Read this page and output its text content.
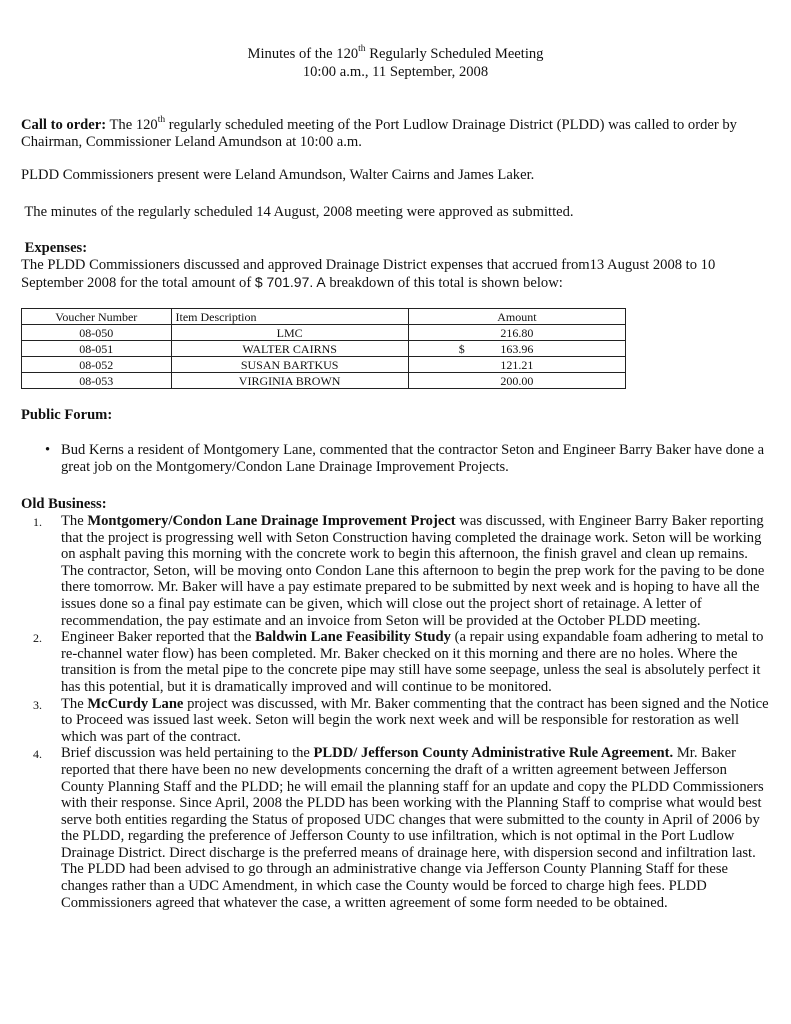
Minutes of the 120th Regularly Scheduled Meeting
10:00 a.m., 11 September, 2008
Call to order: The 120th regularly scheduled meeting of the Port Ludlow Drainage District (PLDD) was called to order by Chairman, Commissioner Leland Amundson at 10:00 a.m.
PLDD Commissioners present were Leland Amundson, Walter Cairns and James Laker.
The minutes of the regularly scheduled 14 August, 2008 meeting were approved as submitted.
Expenses:
The PLDD Commissioners discussed and approved Drainage District expenses that accrued from13 August 2008 to 10 September 2008 for the total amount of $ 701.97. A breakdown of this total is shown below:
Voucher Number	Item Description	Amount
08-050	LMC	216.80
08-051	WALTER CAIRNS	$ 163.96
08-052	SUSAN BARTKUS	121.21
08-053	VIRGINIA BROWN	200.00
Public Forum:
• Bud Kerns a resident of Montgomery Lane, commented that the contractor Seton and Engineer Barry Baker have done a great job on the Montgomery/Condon Lane Drainage Improvement Projects.
Old Business:
1. The Montgomery/Condon Lane Drainage Improvement Project was discussed, with Engineer Barry Baker reporting that the project is progressing well with Seton Construction having completed the drainage work. Seton will be working on asphalt paving this morning with the concrete work to begin this afternoon, the finish gravel and clean up remains. The contractor, Seton, will be moving onto Condon Lane this afternoon to begin the prep work for the paving to be done there tomorrow. Mr. Baker will have a pay estimate prepared to be submitted by next week and is hoping to have all the issues done so a final pay estimate can be given, which will close out the project short of retainage. A letter of recommendation, the pay estimate and an invoice from Seton will be provided at the October PLDD meeting.
2. Engineer Baker reported that the Baldwin Lane Feasibility Study (a repair using expandable foam adhering to metal to re-channel water flow) has been completed. Mr. Baker checked on it this morning and there are no holes. Where the transition is from the metal pipe to the concrete pipe may still have some seepage, unless the seal is absolutely perfect it has this potential, but it is dramatically improved and will continue to be monitored.
3. The McCurdy Lane project was discussed, with Mr. Baker commenting that the contract has been signed and the Notice to Proceed was issued last week. Seton will begin the work next week and will be responsible for restoration as well which was part of the contract.
4. Brief discussion was held pertaining to the PLDD/ Jefferson County Administrative Rule Agreement. Mr. Baker reported that there have been no new developments concerning the draft of a written agreement between Jefferson County Planning Staff and the PLDD; he will email the planning staff for an update and copy the PLDD Commissioners with their response. Since April, 2008 the PLDD has been working with the Planning Staff to comprise what would best serve both entities regarding the Status of proposed UDC changes that were submitted to the county in April of 2006 by the PLDD, regarding the preference of Jefferson County to use infiltration, which is not optimal in the Port Ludlow Drainage District. Direct discharge is the preferred means of drainage here, with dispersion second and infiltration last. The PLDD had been advised to go through an administrative change via Jefferson County Planning Staff for these changes rather than a UDC Amendment, in which case the County would be forced to charge high fees. PLDD Commissioners agreed that whatever the case, a written agreement of some form needed to be obtained.
